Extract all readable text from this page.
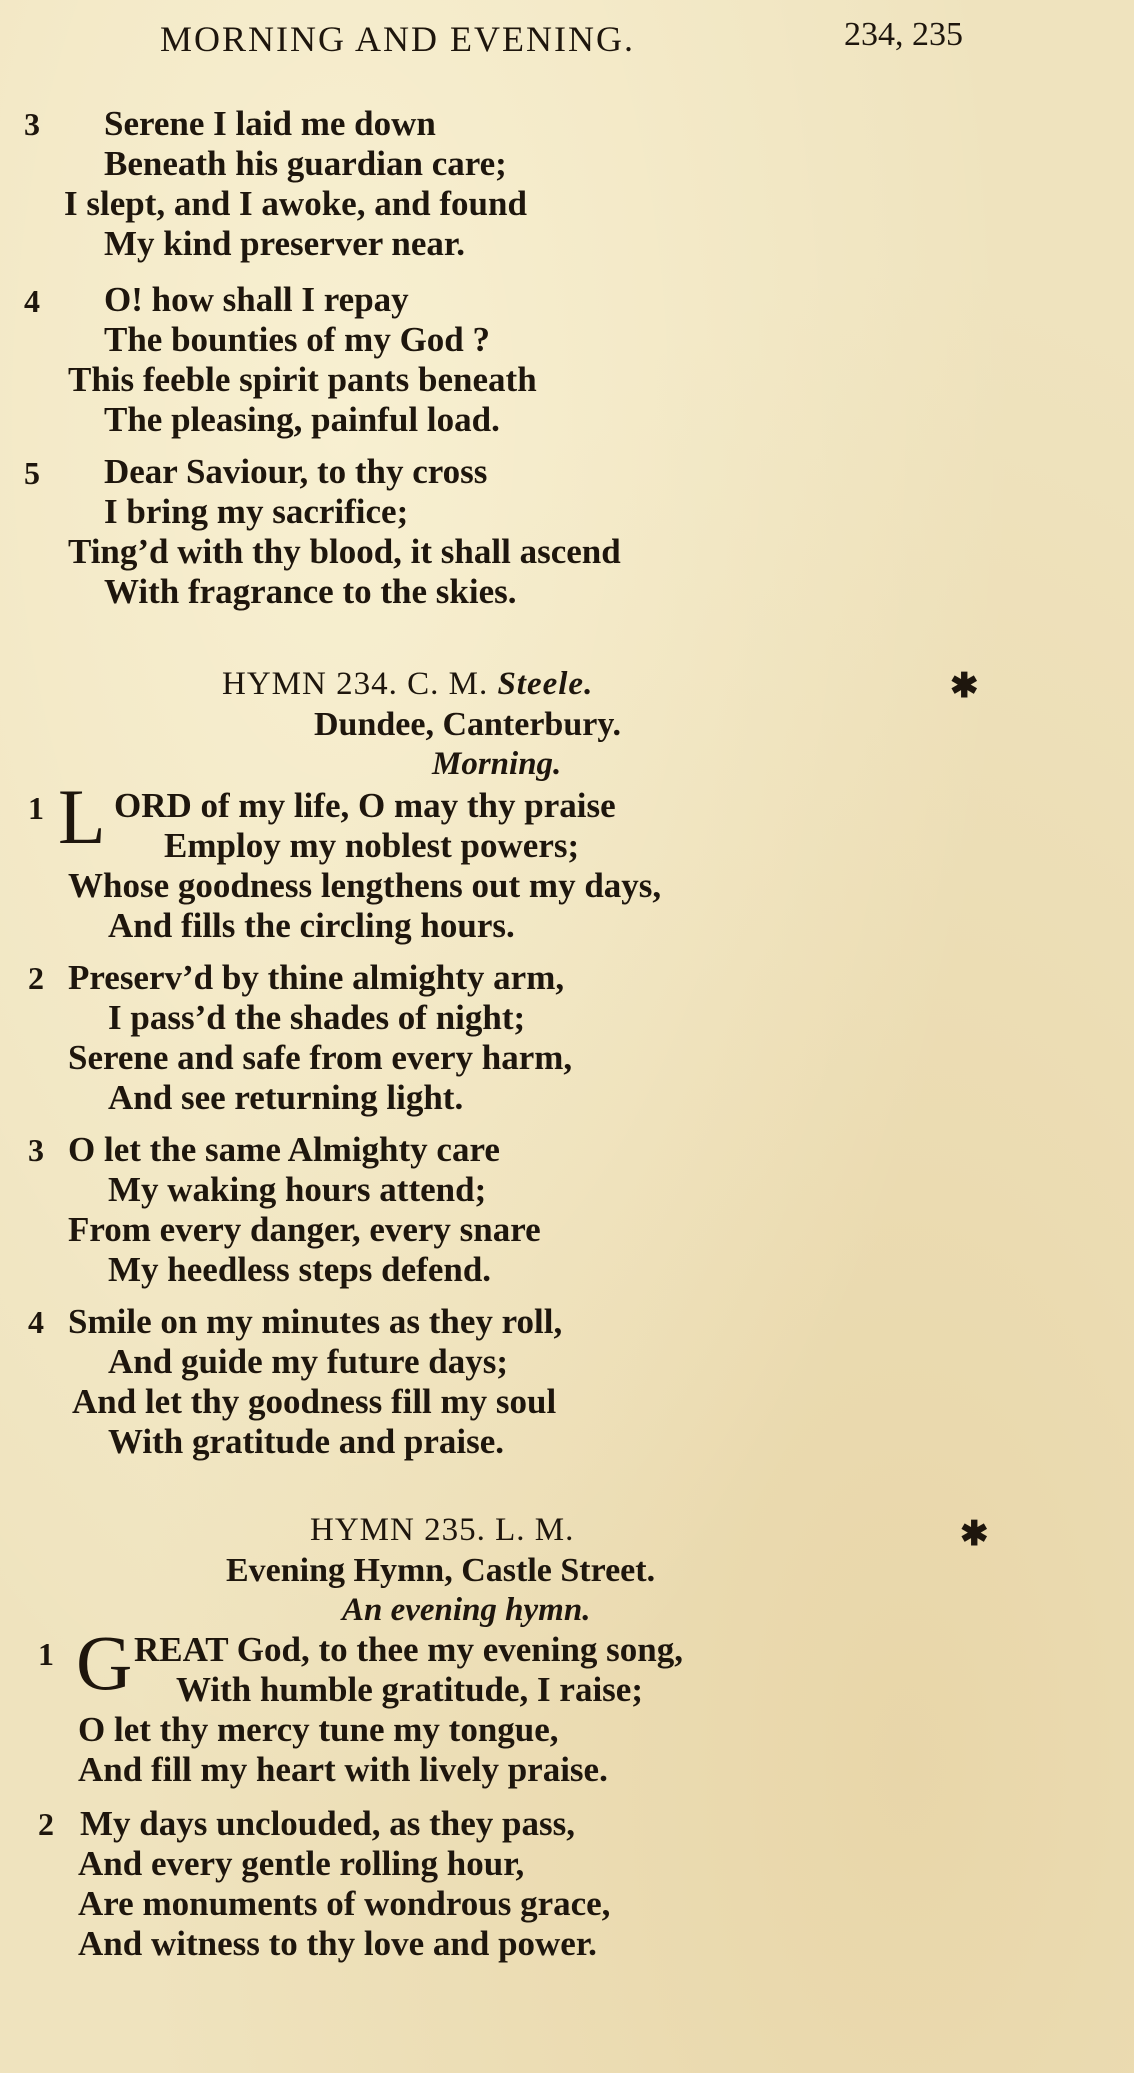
MORNING AND EVENING.	234, 235
3 Serene I laid me down
Beneath his guardian care;
I slept, and I awoke, and found
My kind preserver near.
4 O! how shall I repay
The bounties of my God ?
This feeble spirit pants beneath
The pleasing, painful load.
5 Dear Saviour, to thy cross
I bring my sacrifice;
Ting’d with thy blood, it shall ascend
With fragrance to the skies.
HYMN 234. C. M. Steele.	✱
Dundee, Canterbury.
Morning.
1 L ORD of my life, O may thy praise
Employ my noblest powers;
Whose goodness lengthens out my days,
And fills the circling hours.
2 Preserv’d by thine almighty arm,
I pass’d the shades of night;
Serene and safe from every harm,
And see returning light.
3 O let the same Almighty care
My waking hours attend;
From every danger, every snare
My heedless steps defend.
4 Smile on my minutes as they roll,
And guide my future days;
And let thy goodness fill my soul
With gratitude and praise.
HYMN 235. L. M.	✱
Evening Hymn, Castle Street.
An evening hymn.
1 G REAT God, to thee my evening song,
With humble gratitude, I raise;
O let thy mercy tune my tongue,
And fill my heart with lively praise.
2 My days unclouded, as they pass,
And every gentle rolling hour,
Are monuments of wondrous grace,
And witness to thy love and power.
